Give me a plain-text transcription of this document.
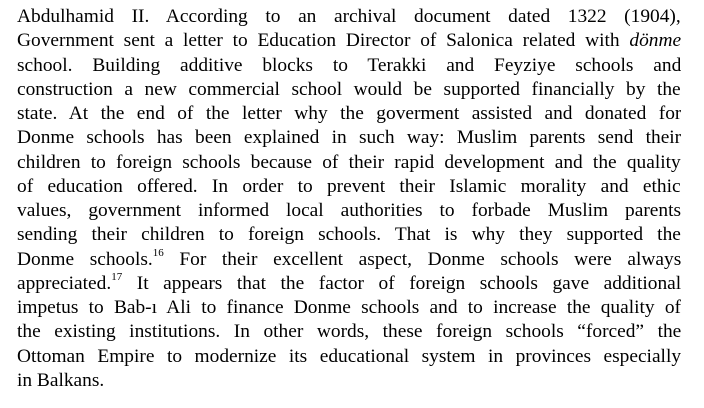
Abdulhamid II. According to an archival document dated 1322 (1904),
Government sent a letter to Education Director of Salonica related with dönme
school. Building additive blocks to Terakki and Feyziye schools and
construction a new commercial school would be supported financially by the
state. At the end of the letter why the goverment assisted and donated for
Donme schools has been explained in such way: Muslim parents send their
children to foreign schools because of their rapid development and the quality
of education offered. In order to prevent their Islamic morality and ethic
values, government informed local authorities to forbade Muslim parents
sending their children to foreign schools. That is why they supported the
Donme schools.$^{16}$ For their excellent aspect, Donme schools were always
appreciated.$^{17}$ It appears that the factor of foreign schools gave additional
impetus to Bab-ı Ali to finance Donme schools and to increase the quality of
the existing institutions. In other words, these foreign schools “forced” the
Ottoman Empire to modernize its educational system in provinces especially
in Balkans.
